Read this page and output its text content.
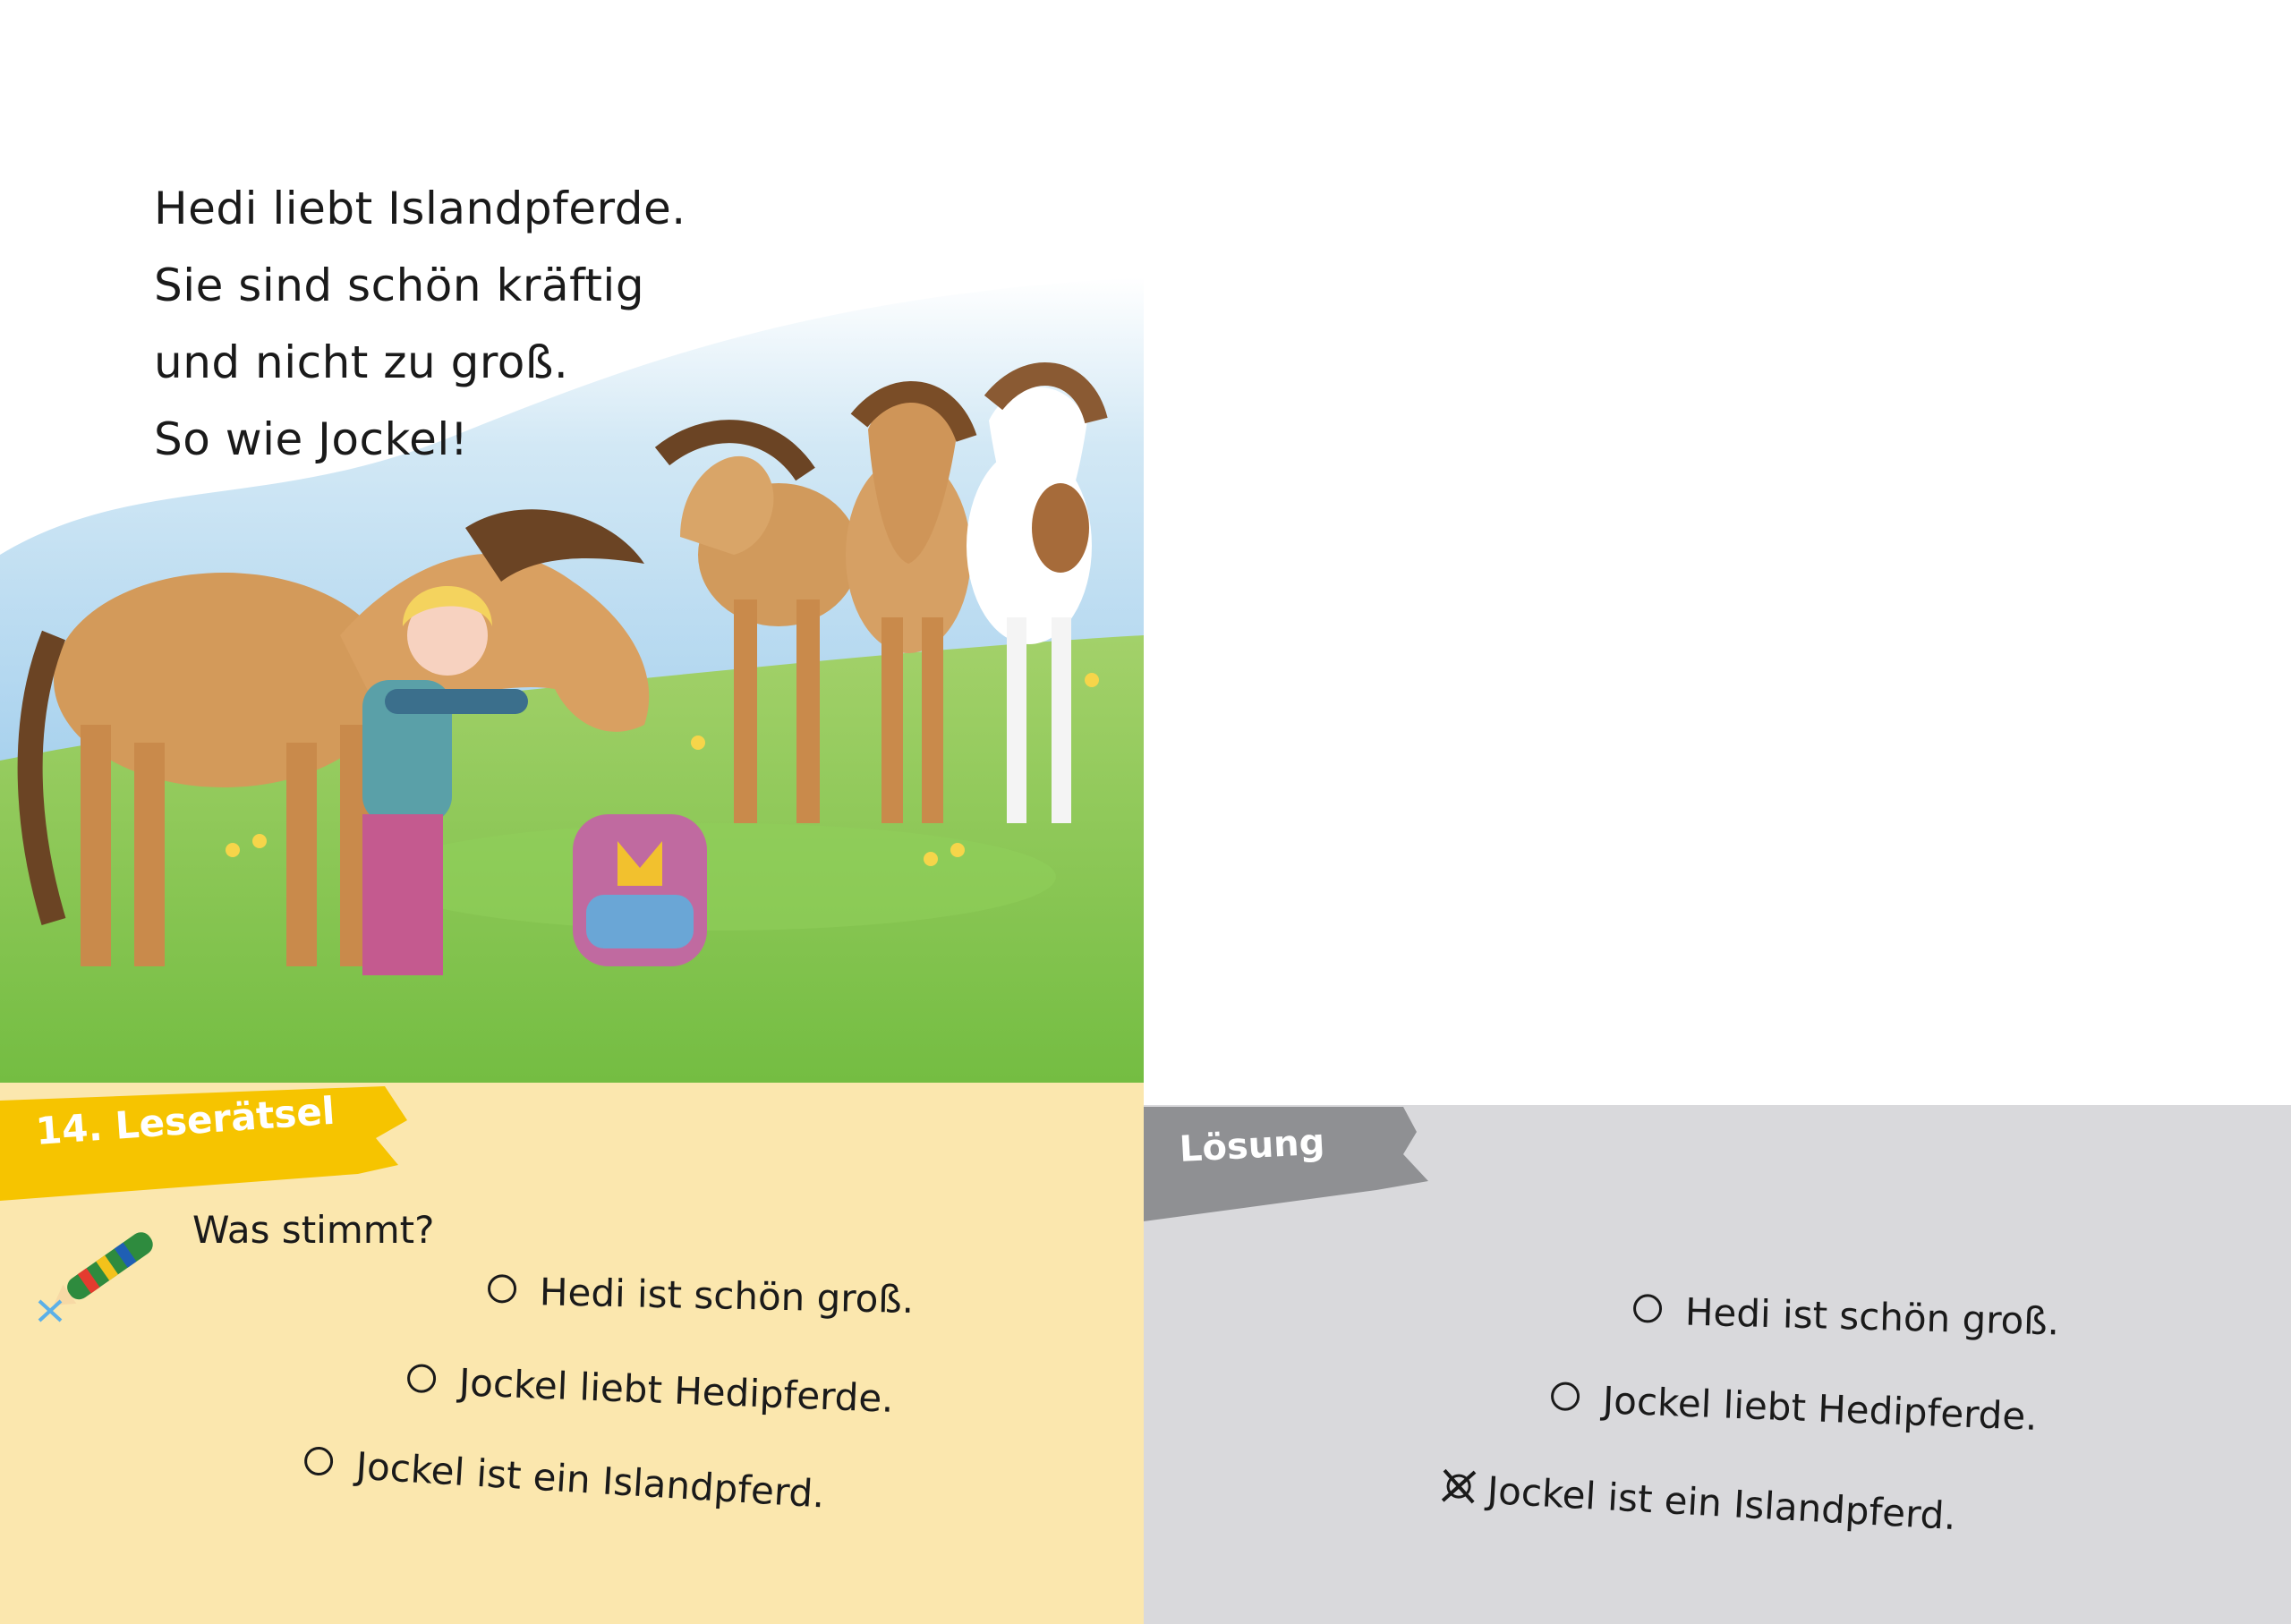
Hedi liebt Islandpferde.
Sie sind schön kräftig
und nicht zu groß.
So wie Jockel!
14. Leserätsel
Was stimmt?
Hedi ist schön groß.
Jockel liebt Hedipferde.
Jockel ist ein Islandpferd.
Lösung
Hedi ist schön groß.
Jockel liebt Hedipferde.
Jockel ist ein Islandpferd.
